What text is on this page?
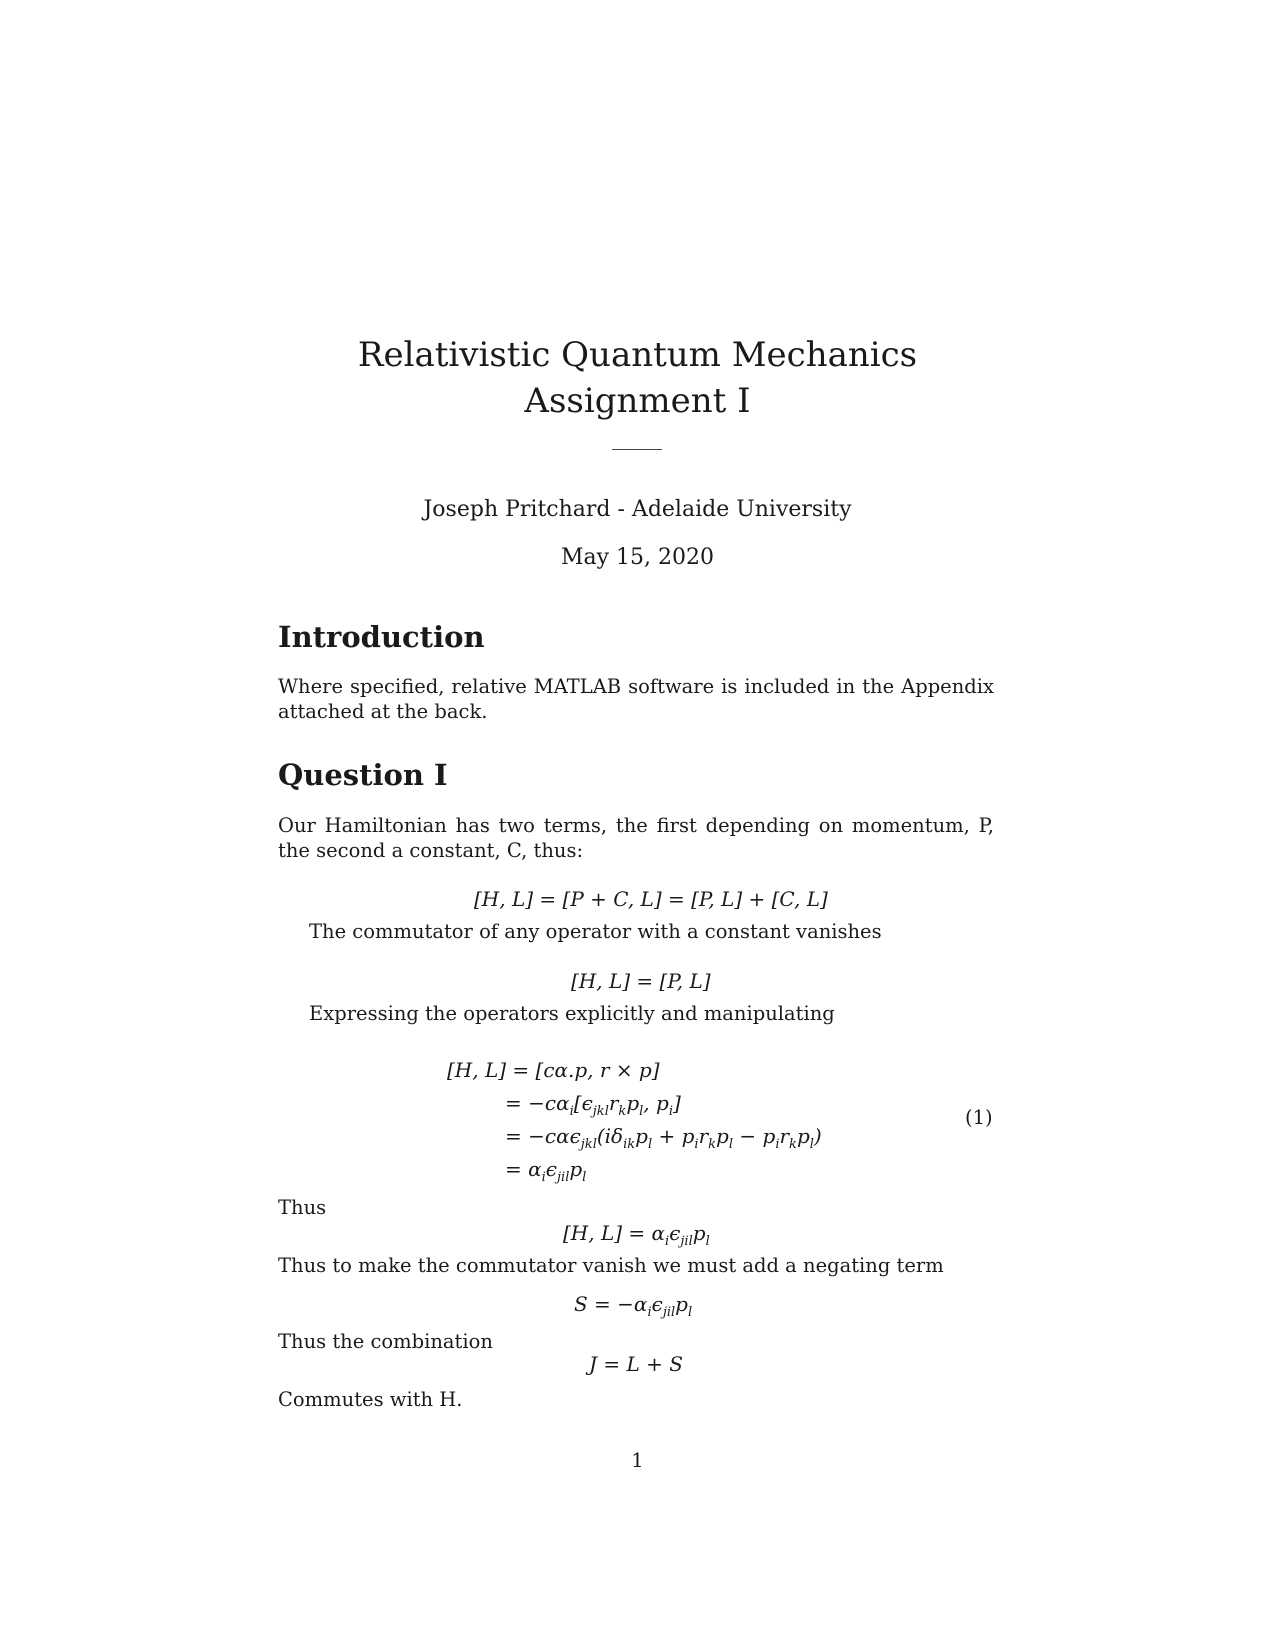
Relativistic Quantum Mechanics
Assignment I
Joseph Pritchard - Adelaide University
May 15, 2020
Introduction
Where specified, relative MATLAB software is included in the Appendix attached at the back.
Question I
Our Hamiltonian has two terms, the first depending on momentum, P, the second a constant, C, thus:
[H, L] = [P + C, L] = [P, L] + [C, L]
The commutator of any operator with a constant vanishes
[H, L] = [P, L]
Expressing the operators explicitly and manipulating
[H, L] = [cα.p, r × p]
= $-c\alpha_i[\epsilon_{jkl}r_kp_l$, $p_i$]
= $-c\alpha\epsilon_{jkl}(i\delta_{ik}p_l + p_ir_kp_l - p_ir_kp_l)$
= $\alpha_i\epsilon_{jil}p_l$
(1)
Thus
[H, $L] = \alpha_i\epsilon_{jil}p_l$
Thus to make the commutator vanish we must add a negating term
$S = -\alpha_i\epsilon_{jil}p_l$
Thus the combination
J = L + S
Commutes with H.
1
